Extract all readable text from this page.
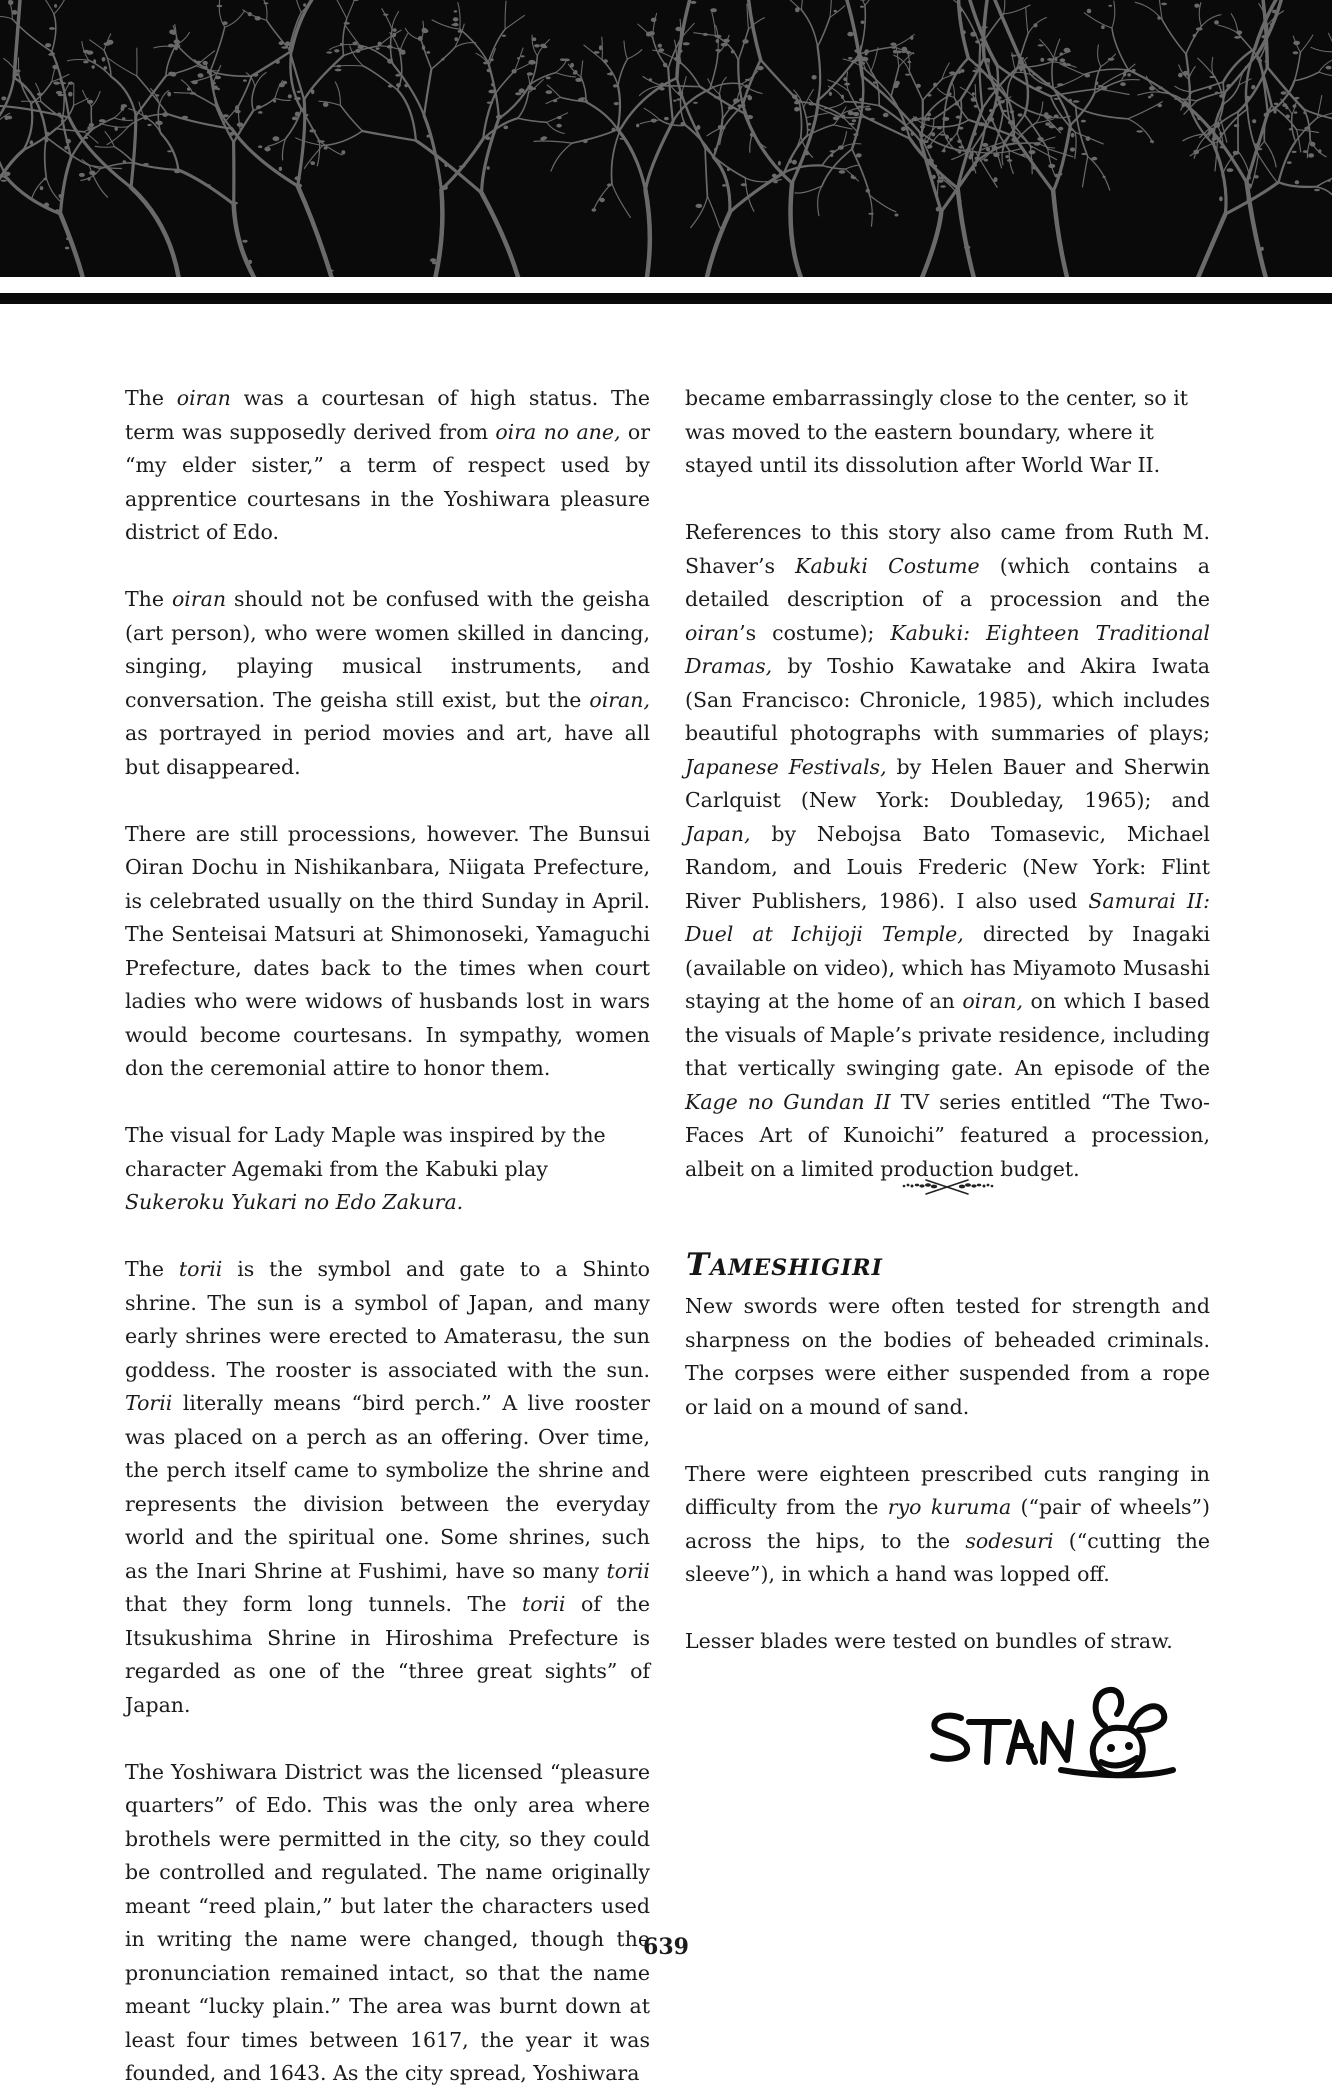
The oiran was a courtesan of high status. The term was supposedly derived from oira no ane, or “my elder sister,” a term of respect used by apprentice courtesans in the Yoshiwara pleasure district of Edo.

The oiran should not be confused with the geisha (art person), who were women skilled in dancing, singing, playing musical instruments, and conversation. The geisha still exist, but the oiran, as portrayed in period movies and art, have all but disappeared.

There are still processions, however. The Bunsui Oiran Dochu in Nishikanbara, Niigata Prefecture, is celebrated usually on the third Sunday in April. The Senteisai Matsuri at Shimonoseki, Yamaguchi Prefecture, dates back to the times when court ladies who were widows of husbands lost in wars would become courtesans. In sympathy, women don the ceremonial attire to honor them.

The visual for Lady Maple was inspired by the character Agemaki from the Kabuki play Sukeroku Yukari no Edo Zakura.

The torii is the symbol and gate to a Shinto shrine. The sun is a symbol of Japan, and many early shrines were erected to Amaterasu, the sun goddess. The rooster is associated with the sun. Torii literally means “bird perch.” A live rooster was placed on a perch as an offering. Over time, the perch itself came to symbolize the shrine and represents the division between the everyday world and the spiritual one. Some shrines, such as the Inari Shrine at Fushimi, have so many torii that they form long tunnels. The torii of the Itsukushima Shrine in Hiroshima Prefecture is regarded as one of the “three great sights” of Japan.

The Yoshiwara District was the licensed “pleasure quarters” of Edo. This was the only area where brothels were permitted in the city, so they could be controlled and regulated. The name originally meant “reed plain,” but later the characters used in writing the name were changed, though the pronunciation remained intact, so that the name meant “lucky plain.” The area was burnt down at least four times between 1617, the year it was founded, and 1643. As the city spread, Yoshiwara

became embarrassingly close to the center, so it was moved to the eastern boundary, where it stayed until its dissolution after World War II.

References to this story also came from Ruth M. Shaver’s Kabuki Costume (which contains a detailed description of a procession and the oiran’s costume); Kabuki: Eighteen Traditional Dramas, by Toshio Kawatake and Akira Iwata (San Francisco: Chronicle, 1985), which includes beautiful photographs with summaries of plays; Japanese Festivals, by Helen Bauer and Sherwin Carlquist (New York: Doubleday, 1965); and Japan, by Nebojsa Bato Tomasevic, Michael Random, and Louis Frederic (New York: Flint River Publishers, 1986). I also used Samurai II: Duel at Ichijoji Temple, directed by Inagaki (available on video), which has Miyamoto Musashi staying at the home of an oiran, on which I based the visuals of Maple’s private residence, including that vertically swinging gate. An episode of the Kage no Gundan II TV series entitled “The Two-Faces Art of Kunoichi” featured a procession, albeit on a limited production budget.

Tameshigiri

New swords were often tested for strength and sharpness on the bodies of beheaded criminals. The corpses were either suspended from a rope or laid on a mound of sand.

There were eighteen prescribed cuts ranging in difficulty from the ryo kuruma (“pair of wheels”) across the hips, to the sodesuri (“cutting the sleeve”), in which a hand was lopped off.

Lesser blades were tested on bundles of straw.

STAN
639
